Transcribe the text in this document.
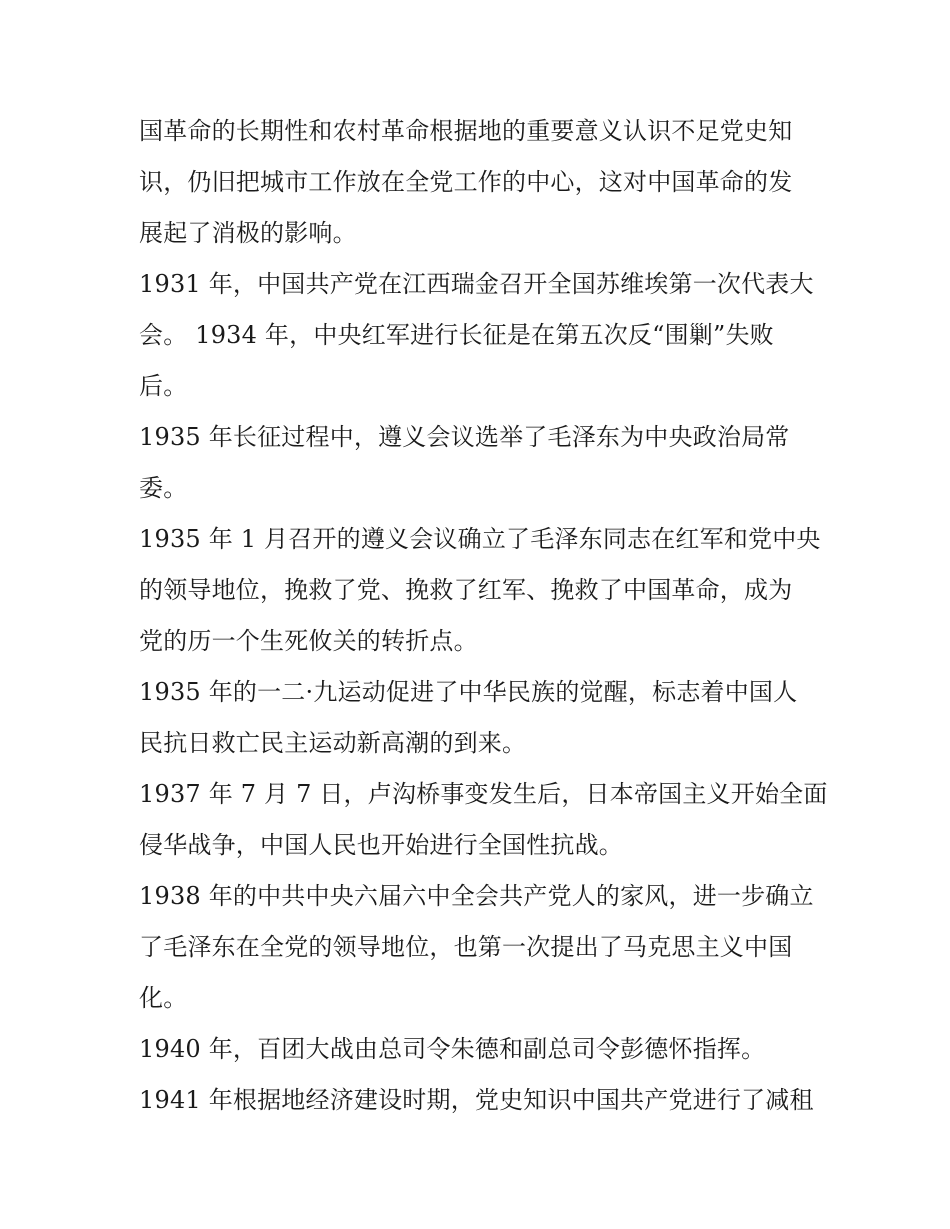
国革命的长期性和农村革命根据地的重要意义认识不足党史知
识，仍旧把城市工作放在全党工作的中心，这对中国革命的发
展起了消极的影响。
1931 年，中国共产党在江西瑞金召开全国苏维埃第一次代表大
会。 1934 年，中央红军进行长征是在第五次反“围剿”失败
后。
1935 年长征过程中，遵义会议选举了毛泽东为中央政治局常
委。
1935 年 1 月召开的遵义会议确立了毛泽东同志在红军和党中央
的领导地位，挽救了党、挽救了红军、挽救了中国革命，成为
党的历一个生死攸关的转折点。
1935 年的一二·九运动促进了中华民族的觉醒，标志着中国人
民抗日救亡民主运动新高潮的到来。
1937 年 7 月 7 日，卢沟桥事变发生后，日本帝国主义开始全面
侵华战争，中国人民也开始进行全国性抗战。
1938 年的中共中央六届六中全会共产党人的家风，进一步确立
了毛泽东在全党的领导地位，也第一次提出了马克思主义中国
化。
1940 年，百团大战由总司令朱德和副总司令彭德怀指挥。
1941 年根据地经济建设时期，党史知识中国共产党进行了减租
